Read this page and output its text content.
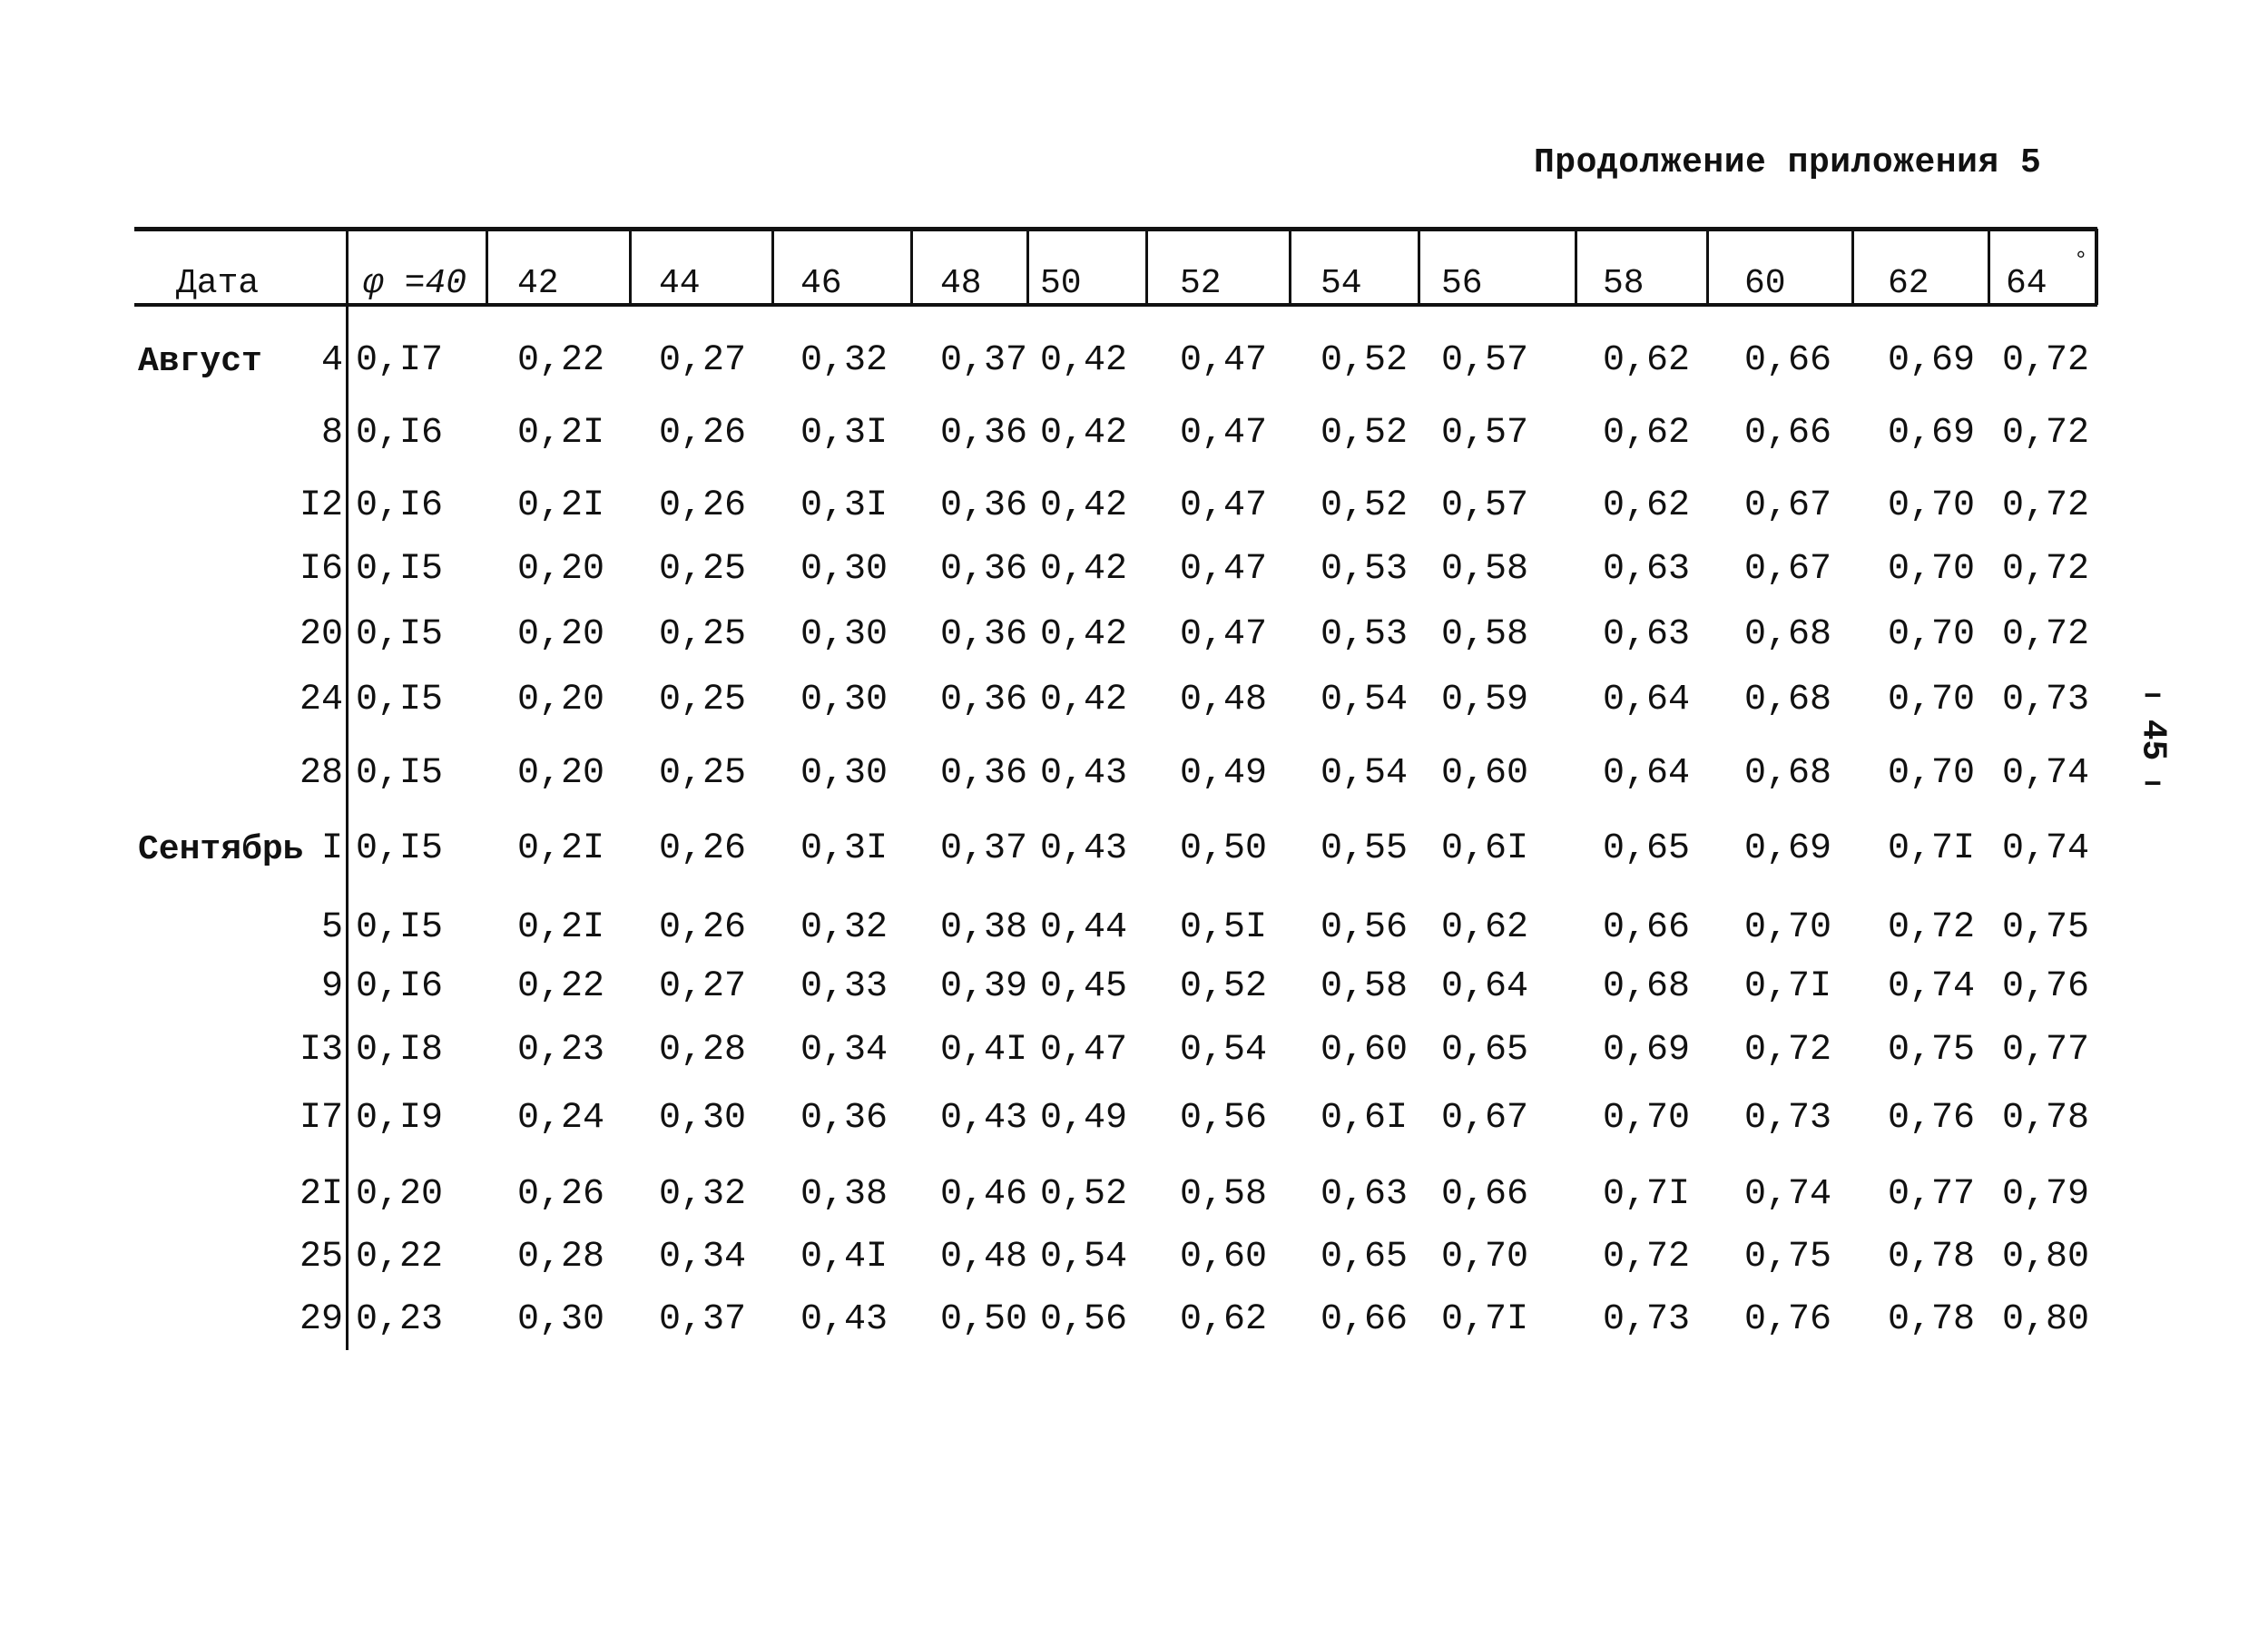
Продолжение приложения 5
–
45
–
Дата	φ =40
°
42	44	46	48 50	52	54 56	58	60	62 64
Август	4 0,I7 0,22 0,27 0,32 0,37 0,42 0,47 0,52 0,57 0,62 0,66 0,69 0,72
8 0,I6 0,2I 0,26 0,3I 0,36 0,42 0,47 0,52 0,57 0,62 0,66 0,69 0,72
I2 0,I6 0,2I 0,26 0,3I 0,36 0,42 0,47 0,52 0,57 0,62 0,67 0,70 0,72
I6 0,I5 0,20 0,25 0,30 0,36 0,42 0,47 0,53 0,58 0,63 0,67 0,70 0,72
20 0,I5 0,20 0,25 0,30 0,36 0,42 0,47 0,53 0,58 0,63 0,68 0,70 0,72
24 0,I5 0,20 0,25 0,30 0,36 0,42 0,48 0,54 0,59 0,64 0,68 0,70 0,73
28 0,I5 0,20 0,25 0,30 0,36 0,43 0,49 0,54 0,60 0,64 0,68 0,70 0,74
Сентябрь I 0,I5 0,2I 0,26 0,3I 0,37 0,43 0,50 0,55 0,6I 0,65 0,69 0,7I 0,74
5 0,I5 0,2I 0,26 0,32 0,38 0,44 0,5I 0,56 0,62 0,66 0,70 0,72 0,75
9 0,I6 0,22 0,27 0,33 0,39 0,45 0,52 0,58 0,64 0,68 0,7I 0,74 0,76
I3 0,I8 0,23 0,28 0,34 0,4I 0,47 0,54 0,60 0,65 0,69 0,72 0,75 0,77
I7 0,I9 0,24 0,30 0,36 0,43 0,49 0,56 0,6I 0,67 0,70 0,73 0,76 0,78
2I 0,20 0,26 0,32 0,38 0,46 0,52 0,58 0,63 0,66 0,7I 0,74 0,77 0,79
25 0,22 0,28 0,34 0,4I 0,48 0,54 0,60 0,65 0,70 0,72 0,75 0,78 0,80
29 0,23 0,30 0,37 0,43 0,50 0,56 0,62 0,66 0,7I 0,73 0,76 0,78 0,80
